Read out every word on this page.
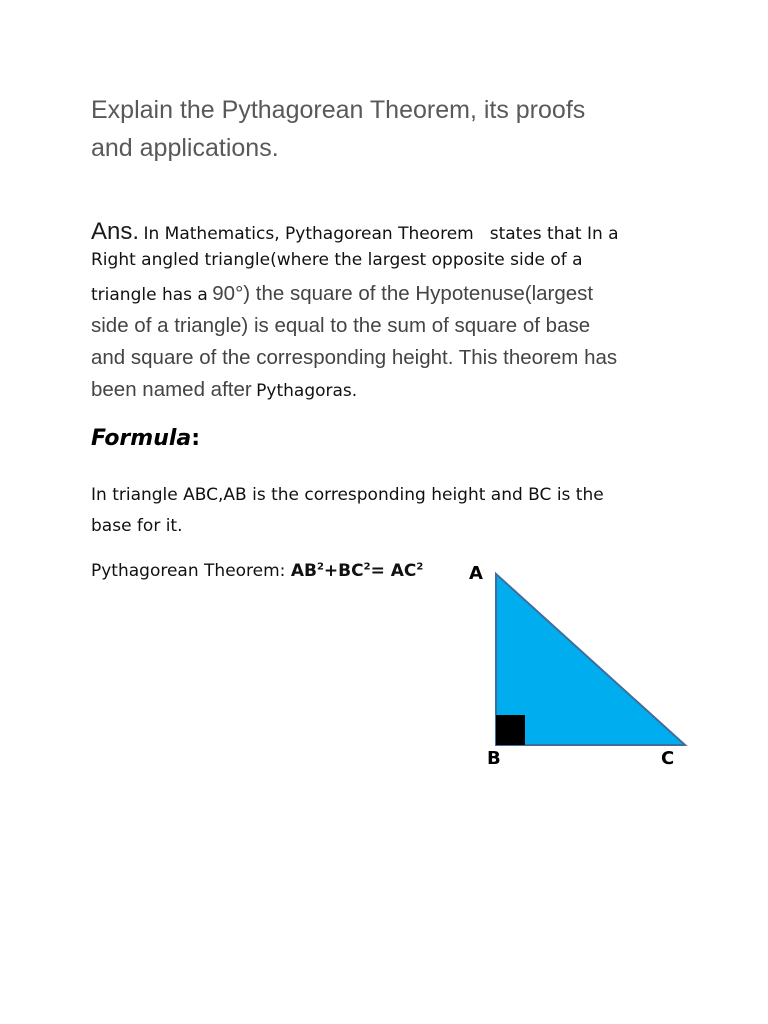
Explain the Pythagorean Theorem, its proofs
and applications.
Ans. In Mathematics, Pythagorean Theorem states that In a
Right angled triangle(where the largest opposite side of a
triangle has a 90°) the square of the Hypotenuse(largest
side of a triangle) is equal to the sum of square of base
and square of the corresponding height. This theorem has
been named after Pythagoras.
Formula:
In triangle ABC,AB is the corresponding height and BC is the
base for it.
Pythagorean Theorem: $AB^2+BC^2= AC^2$	A
B	C
